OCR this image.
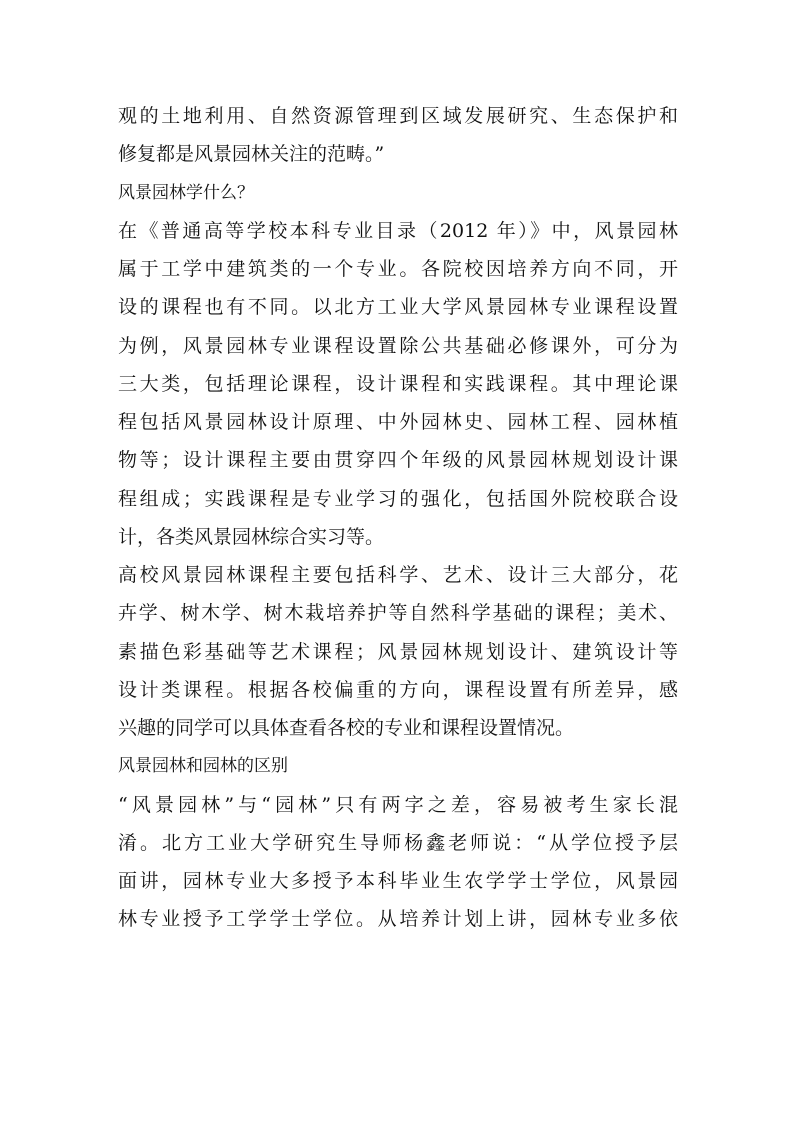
观的土地利用、自然资源管理到区域发展研究、生态保护和
修复都是风景园林关注的范畴。”
风景园林学什么？
在《普通高等学校本科专业目录（2012 年）》中，风景园林
属于工学中建筑类的一个专业。各院校因培养方向不同，开
设的课程也有不同。以北方工业大学风景园林专业课程设置
为例，风景园林专业课程设置除公共基础必修课外，可分为
三大类，包括理论课程，设计课程和实践课程。其中理论课
程包括风景园林设计原理、中外园林史、园林工程、园林植
物等；设计课程主要由贯穿四个年级的风景园林规划设计课
程组成；实践课程是专业学习的强化，包括国外院校联合设
计，各类风景园林综合实习等。
高校风景园林课程主要包括科学、艺术、设计三大部分，花
卉学、树木学、树木栽培养护等自然科学基础的课程；美术、
素描色彩基础等艺术课程；风景园林规划设计、建筑设计等
设计类课程。根据各校偏重的方向，课程设置有所差异，感
兴趣的同学可以具体查看各校的专业和课程设置情况。
风景园林和园林的区别
“风景园林”与“园林”只有两字之差，容易被考生家长混
淆。北方工业大学研究生导师杨鑫老师说：“从学位授予层
面讲，园林专业大多授予本科毕业生农学学士学位，风景园
林专业授予工学学士学位。从培养计划上讲，园林专业多依
